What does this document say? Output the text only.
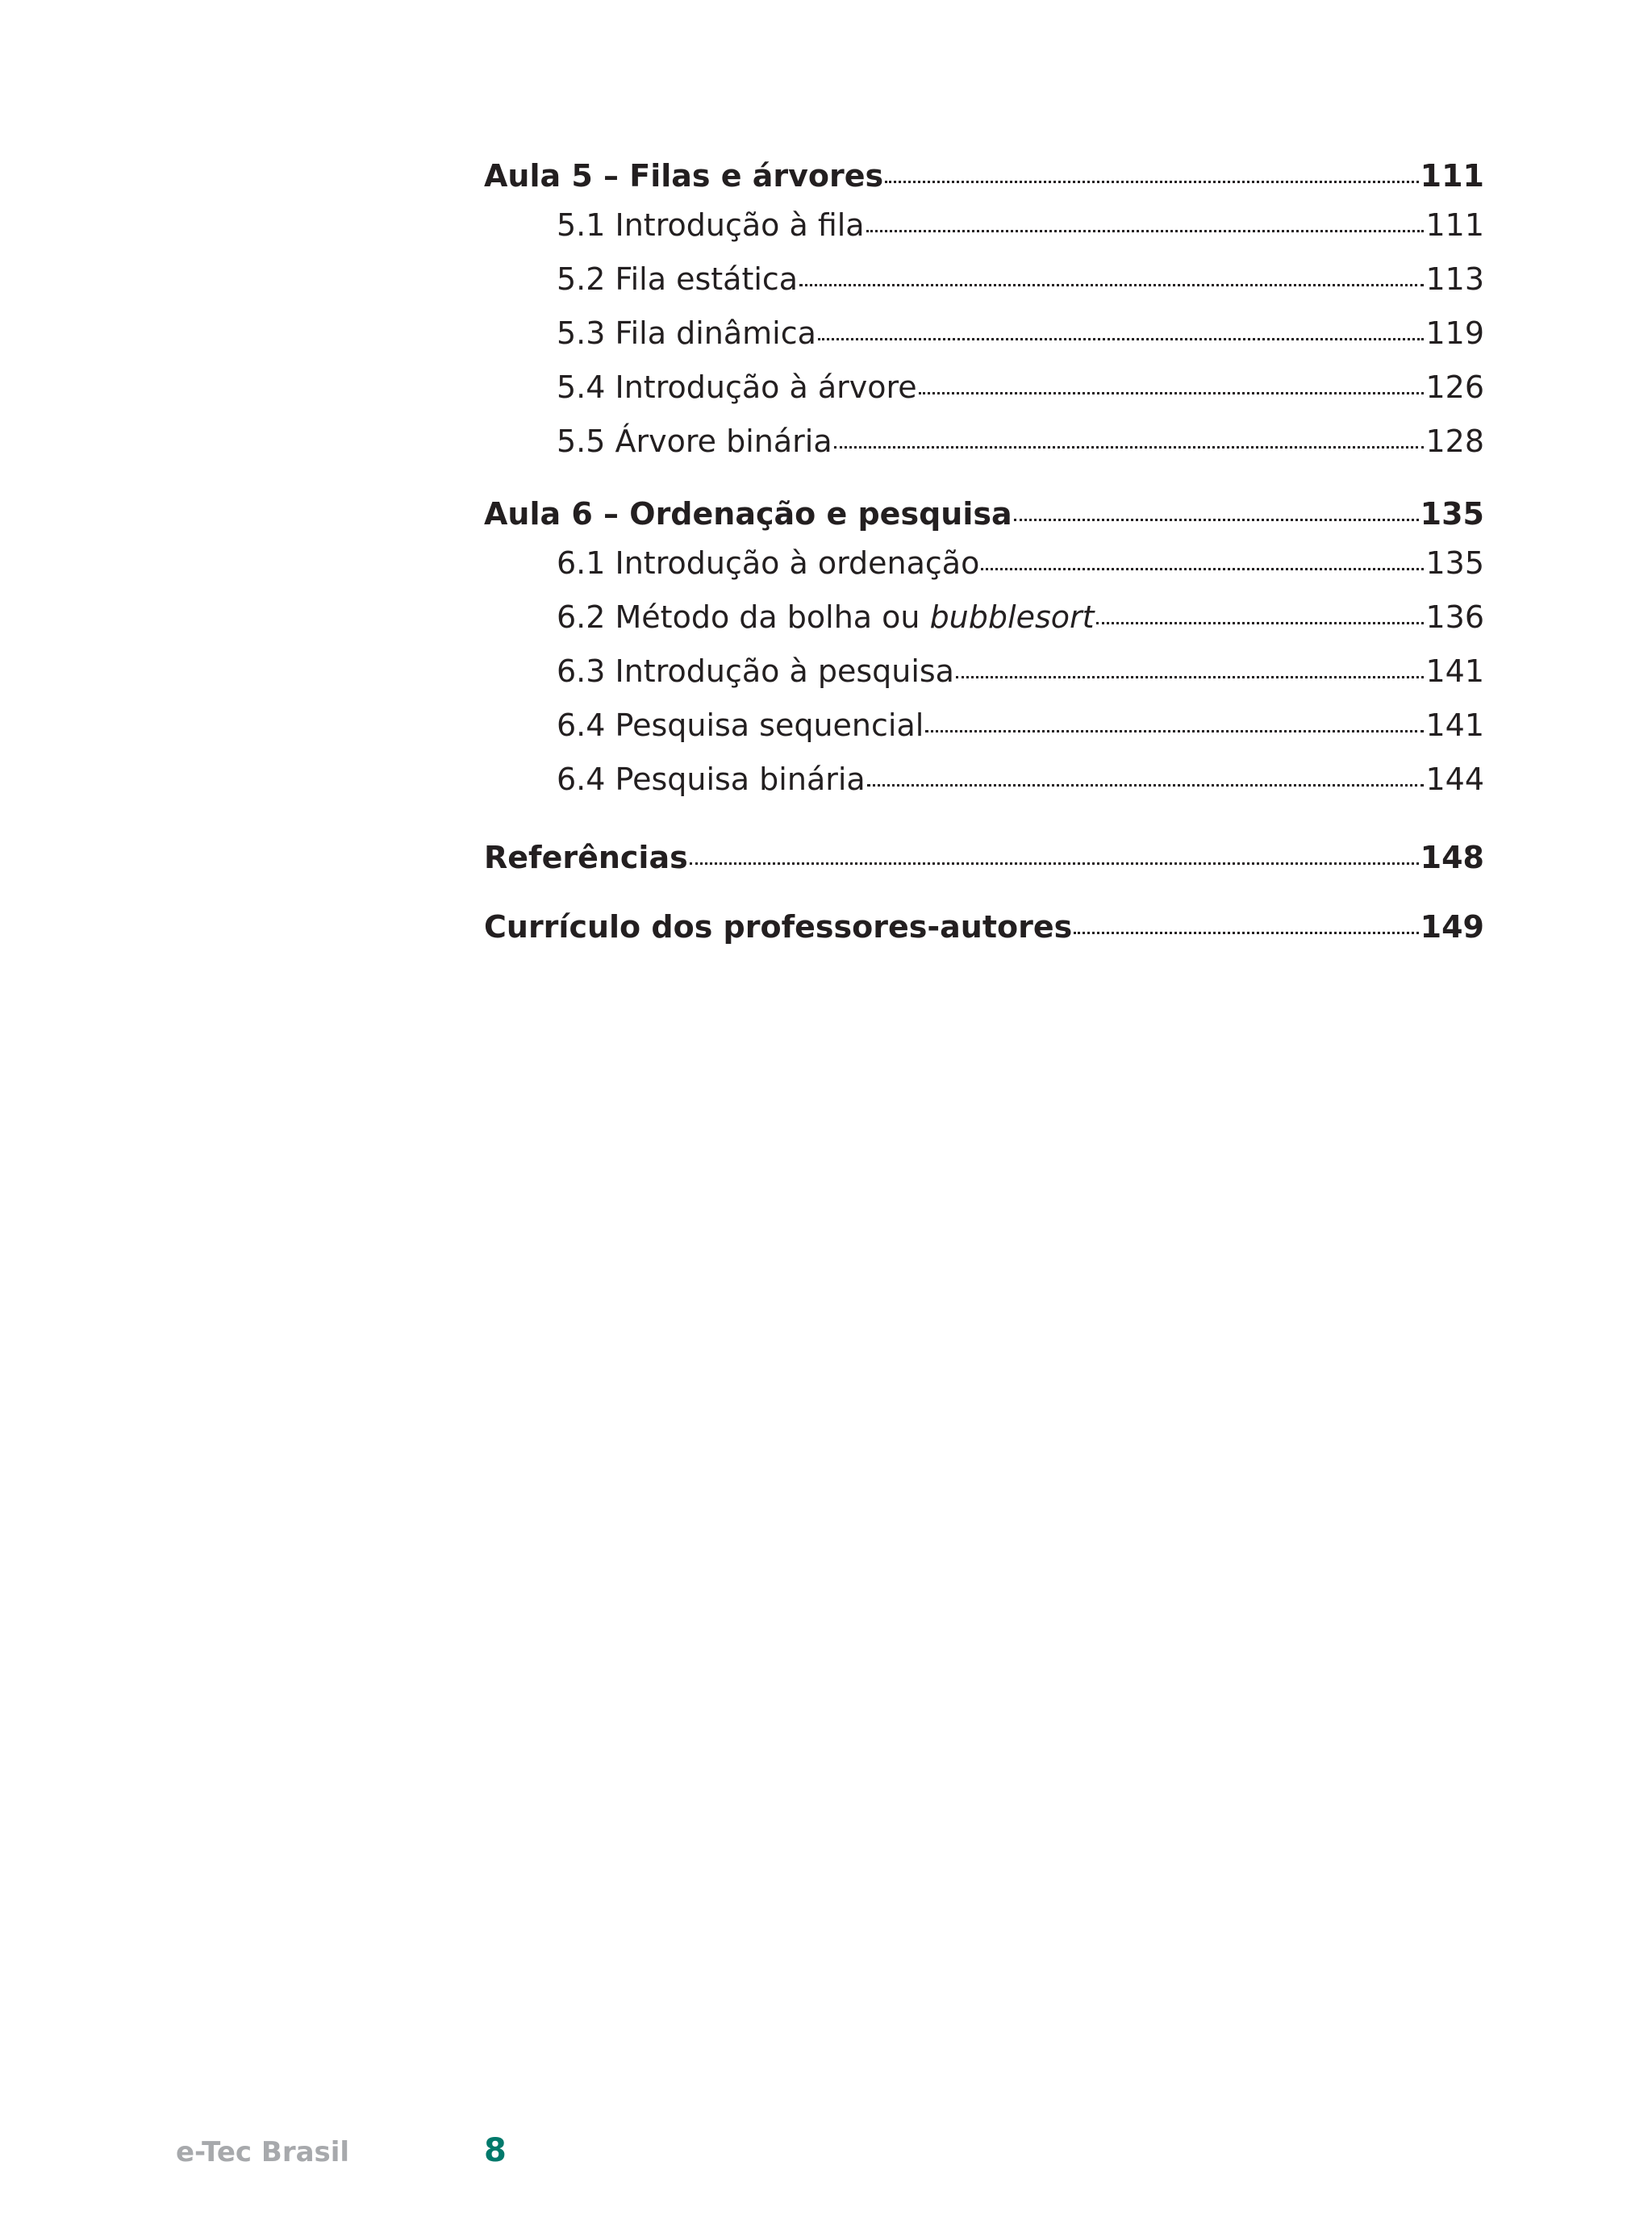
Aula 5 – Filas e árvores	111
5.1 Introdução à fila	111
5.2 Fila estática	113
5.3 Fila dinâmica	119
5.4 Introdução à árvore	126
5.5 Árvore binária	128
Aula 6 – Ordenação e pesquisa	135
6.1 Introdução à ordenação	135
6.2 Método da bolha ou bubblesort	136
6.3 Introdução à pesquisa	141
6.4 Pesquisa sequencial	141
6.4 Pesquisa binária	144
Referências	148
Currículo dos professores-autores	149
e-Tec Brasil	8
